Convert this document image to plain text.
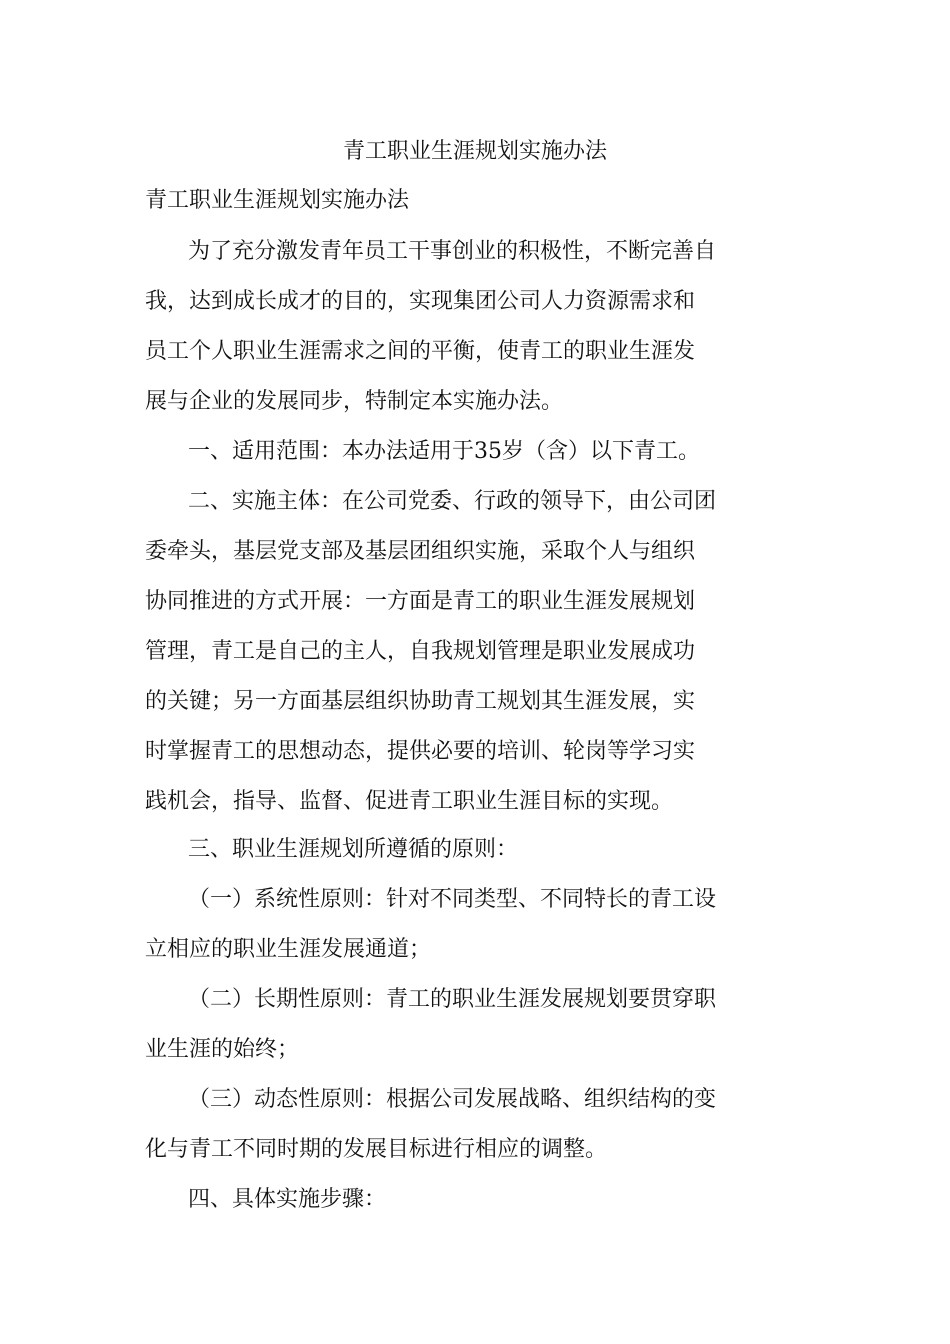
青工职业生涯规划实施办法
青工职业生涯规划实施办法
为了充分激发青年员工干事创业的积极性，不断完善自
我，达到成长成才的目的，实现集团公司人力资源需求和
员工个人职业生涯需求之间的平衡，使青工的职业生涯发
展与企业的发展同步，特制定本实施办法。
一、适用范围：本办法适用于35岁（含）以下青工。
二、实施主体：在公司党委、行政的领导下，由公司团
委牵头，基层党支部及基层团组织实施，采取个人与组织
协同推进的方式开展：一方面是青工的职业生涯发展规划
管理，青工是自己的主人，自我规划管理是职业发展成功
的关键；另一方面基层组织协助青工规划其生涯发展，实
时掌握青工的思想动态，提供必要的培训、轮岗等学习实
践机会，指导、监督、促进青工职业生涯目标的实现。
三、职业生涯规划所遵循的原则：
（一）系统性原则：针对不同类型、不同特长的青工设
立相应的职业生涯发展通道；
（二）长期性原则：青工的职业生涯发展规划要贯穿职
业生涯的始终；
（三）动态性原则：根据公司发展战略、组织结构的变
化与青工不同时期的发展目标进行相应的调整。
四、具体实施步骤：
